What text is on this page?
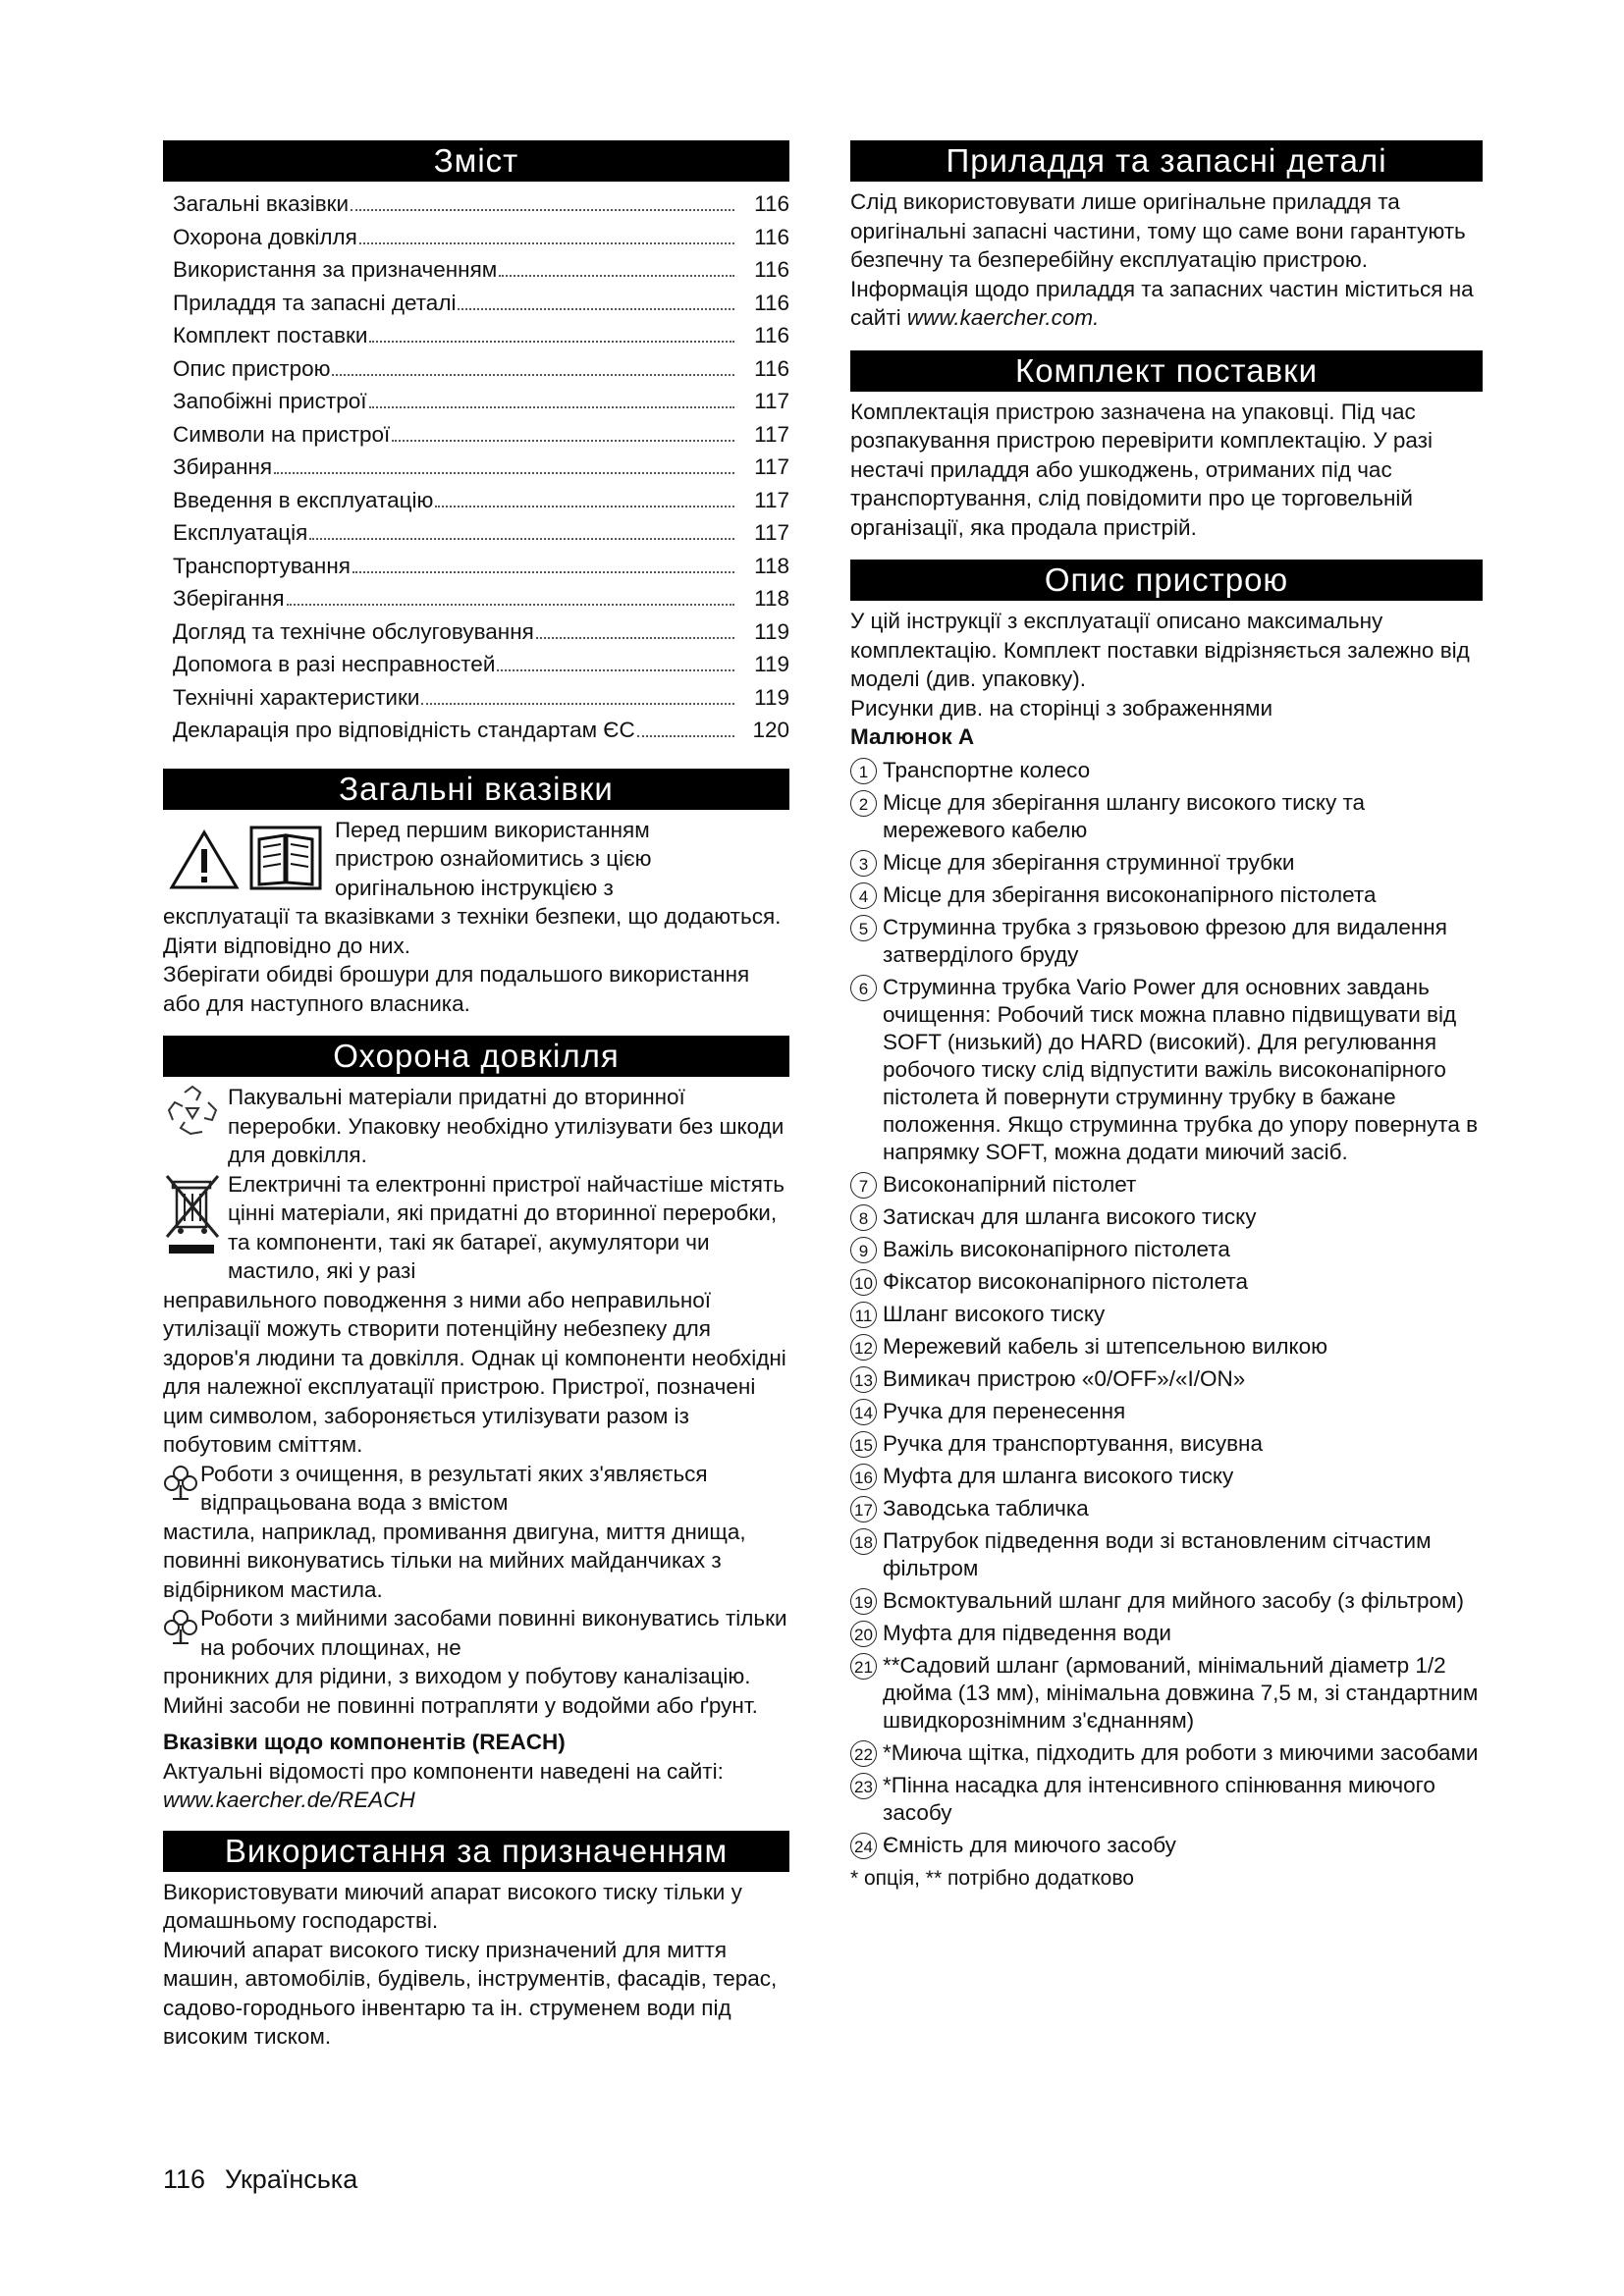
Зміст
Загальні вказівки	116
Охорона довкілля	116
Використання за призначенням	116
Приладдя та запасні деталі	116
Комплект поставки	116
Опис пристрою	116
Запобіжні пристрої	117
Символи на пристрої	117
Збирання	117
Введення в експлуатацію	117
Експлуатація	117
Транспортування	118
Зберігання	118
Догляд та технічне обслуговування	119
Допомога в разі несправностей	119
Технічні характеристики	119
Декларація про відповідність стандартам ЄС	120
Загальні вказівки

Перед першим використанням пристрою ознайомитись з цією оригінальною інструкцією з

експлуатації та вказівками з техніки безпеки, що додаються. Діяти відповідно до них.

Зберігати обидві брошури для подальшого використання або для наступного власника.

Охорона довкілля

Пакувальні матеріали придатні до вторинної переробки. Упаковку необхідно утилізувати без шкоди для довкілля.

Електричні та електронні пристрої найчастіше містять цінні матеріали, які придатні до вторинної переробки, та компоненти, такі як батареї, акумулятори чи мастило, які у разі

неправильного поводження з ними або неправильної утилізації можуть створити потенційну небезпеку для здоров'я людини та довкілля. Однак ці компоненти необхідні для належної експлуатації пристрою. Пристрої, позначені цим символом, забороняється утилізувати разом із побутовим сміттям.

Роботи з очищення, в результаті яких з'являється відпрацьована вода з вмістом

мастила, наприклад, промивання двигуна, миття днища, повинні виконуватись тільки на мийних майданчиках з відбірником мастила.

Роботи з мийними засобами повинні виконуватись тільки на робочих площинах, не

проникних для рідини, з виходом у побутову каналізацію. Мийні засоби не повинні потрапляти у водойми або ґрунт.

Вказівки щодо компонентів (REACH)

Актуальні відомості про компоненти наведені на сайті: www.kaercher.de/REACH

Використання за призначенням

Використовувати миючий апарат високого тиску тільки у домашньому господарстві.

Миючий апарат високого тиску призначений для миття машин, автомобілів, будівель, інструментів, фасадів, терас, садово-городнього інвентарю та ін. струменем води під високим тиском.

Приладдя та запасні деталі

Слід використовувати лише оригінальне приладдя та оригінальні запасні частини, тому що саме вони гарантують безпечну та безперебійну експлуатацію пристрою.

Інформація щодо приладдя та запасних частин міститься на сайті www.kaercher.com.

Комплект поставки

Комплектація пристрою зазначена на упаковці. Під час розпакування пристрою перевірити комплектацію. У разі нестачі приладдя або ушкоджень, отриманих під час транспортування, слід повідомити про це торговельній організації, яка продала пристрій.

Опис пристрою

У цій інструкції з експлуатації описано максимальну комплектацію. Комплект поставки відрізняється залежно від моделі (див. упаковку).

Рисунки див. на сторінці з зображеннями

Малюнок A

1 Транспортне колесо
2 Місце для зберігання шлангу високого тиску та мережевого кабелю
3 Місце для зберігання струминної трубки
4 Місце для зберігання високонапірного пістолета
5 Струминна трубка з грязьовою фрезою для видалення затверділого бруду
6 Струминна трубка Vario Power для основних завдань очищення: Робочий тиск можна плавно підвищувати від SOFT (низький) до HARD (високий). Для регулювання робочого тиску слід відпустити важіль високонапірного пістолета й повернути струминну трубку в бажане положення. Якщо струминна трубка до упору повернута в напрямку SOFT, можна додати миючий засіб.
7 Високонапірний пістолет
8 Затискач для шланга високого тиску
9 Важіль високонапірного пістолета
10 Фіксатор високонапірного пістолета
11 Шланг високого тиску
12 Мережевий кабель зі штепсельною вилкою
13 Вимикач пристрою «0/OFF»/«I/ON»
14 Ручка для перенесення
15 Ручка для транспортування, висувна
16 Муфта для шланга високого тиску
17 Заводська табличка
18 Патрубок підведення води зі встановленим сітчастим фільтром
19 Всмоктувальний шланг для мийного засобу (з фільтром)
20 Муфта для підведення води
21 **Садовий шланг (армований, мінімальний діаметр 1/2 дюйма (13 мм), мінімальна довжина 7,5 м, зі стандартним швидкорознімним з'єднанням)
22 *Миюча щітка, підходить для роботи з миючими засобами
23 *Пінна насадка для інтенсивного спінювання миючого засобу
24 Ємність для миючого засобу

* опція, ** потрібно додатково

116 Українська
